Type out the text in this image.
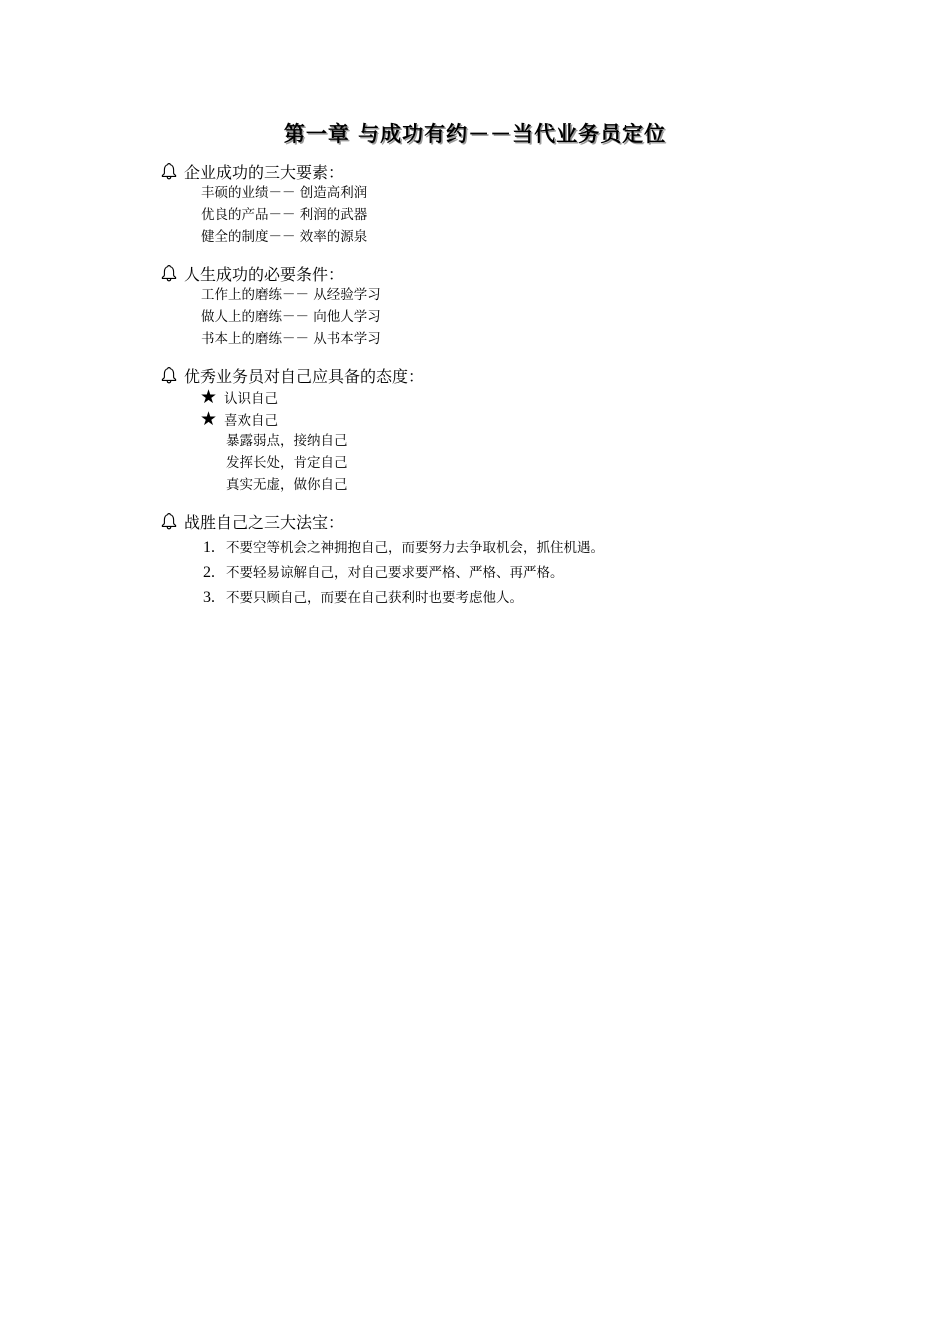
第一章 与成功有约－－当代业务员定位
企业成功的三大要素：
丰硕的业绩－－ 创造高利润
优良的产品－－ 利润的武器
健全的制度－－ 效率的源泉
人生成功的必要条件：
工作上的磨练－－ 从经验学习
做人上的磨练－－ 向他人学习
书本上的磨练－－ 从书本学习
优秀业务员对自己应具备的态度：
★ 认识自己
★ 喜欢自己
暴露弱点，接纳自己
发挥长处，肯定自己
真实无虚，做你自己
战胜自己之三大法宝：
1. 不要空等机会之神拥抱自己，而要努力去争取机会，抓住机遇。
2. 不要轻易谅解自己，对自己要求要严格、严格、再严格。
3. 不要只顾自己，而要在自己获利时也要考虑他人。
